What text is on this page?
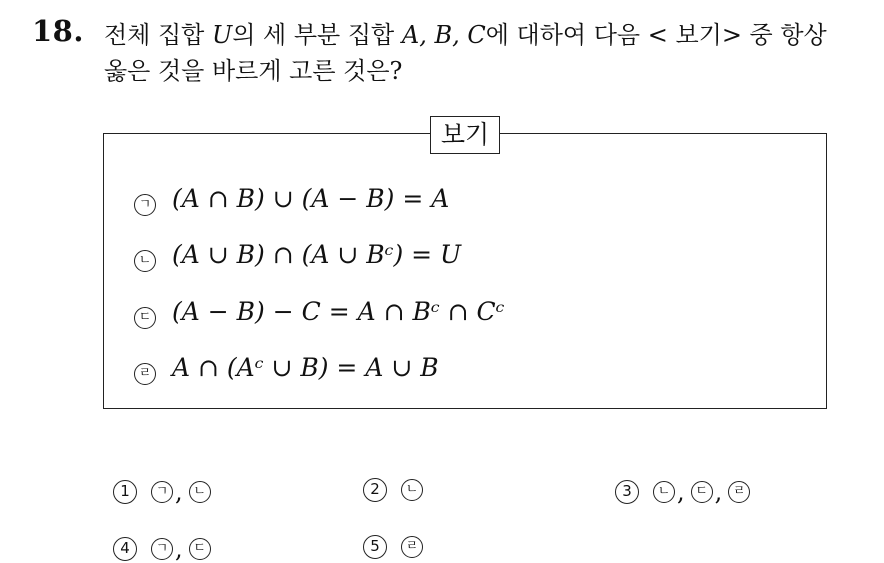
18. 전체 집합 U의 세 부분 집합 A, B, C에 대하여 다음 < 보기> 중 항상
옳은 것을 바르게 고른 것은?
보기
ㄱ (A ∩ B) ∪ (A − B) = A
ㄴ (A ∪ B) ∩ (A ∪ Bᶜ) = U
ㄷ (A − B) − C = A ∩ Bᶜ ∩ Cᶜ
ㄹ A ∩ (Aᶜ ∪ B) = A ∪ B
1	ㄱ , ㄴ	2	ㄴ	3	ㄴ , ㄷ , ㄹ
4	ㄱ , ㄷ	5	ㄹ
